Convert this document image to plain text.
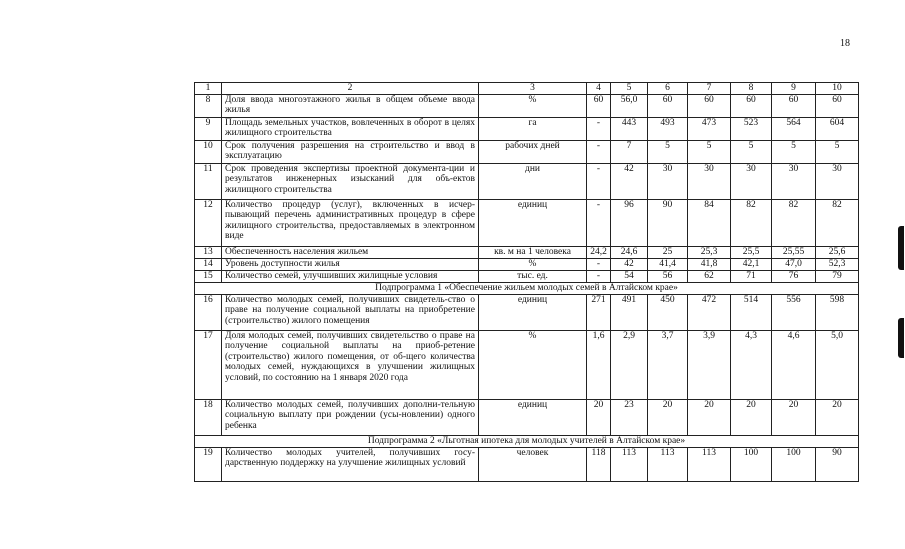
18
1	2	3	4	5	6	7	8	9	10
8	Доля ввода многоэтажного жилья в общем объеме ввода жилья	%	60	56,0	60	60	60	60	60
9	Площадь земельных участков, вовлеченных в оборот в целях жилищного строительства	га	-	443	493	473	523	564	604
10	Срок получения разрешения на строительство и ввод в эксплуатацию	рабочих дней	-	7	5	5	5	5	5
11	Срок проведения экспертизы проектной документа-ции и результатов инженерных изысканий для объ-ектов жилищного строительства	дни	-	42	30	30	30	30	30
12	Количество процедур (услуг), включенных в исчер-пывающий перечень административных процедур в сфере жилищного строительства, предоставляемых в электронном виде	единиц	-	96	90	84	82	82	82
13	Обеспеченность населения жильем	кв. м на 1 человека	24,2	24,6	25	25,3	25,5	25,55	25,6
14	Уровень доступности жилья	%	-	42	41,4	41,8	42,1	47,0	52,3
15	Количество семей, улучшивших жилищные условия	тыс. ед.	-	54	56	62	71	76	79
Подпрограмма 1 «Обеспечение жильем молодых семей в Алтайском крае»									
16	Количество молодых семей, получивших свидетель-ство о праве на получение социальной выплаты на приобретение (строительство) жилого помещения	единиц	271	491	450	472	514	556	598
17	Доля молодых семей, получивших свидетельство о праве на получение социальной выплаты на приоб-ретение (строительство) жилого помещения, от об-щего количества молодых семей, нуждающихся в улучшении жилищных условий, по состоянию на 1 января 2020 года	%	1,6	2,9	3,7	3,9	4,3	4,6	5,0
18	Количество молодых семей, получивших дополни-тельную социальную выплату при рождении (усы-новлении) одного ребенка	единиц	20	23	20	20	20	20	20
Подпрограмма 2 «Льготная ипотека для молодых учителей в Алтайском крае»									
19	Количество молодых учителей, получивших госу-дарственную поддержку на улучшение жилищных условий	человек	118	113	113	113	100	100	90
